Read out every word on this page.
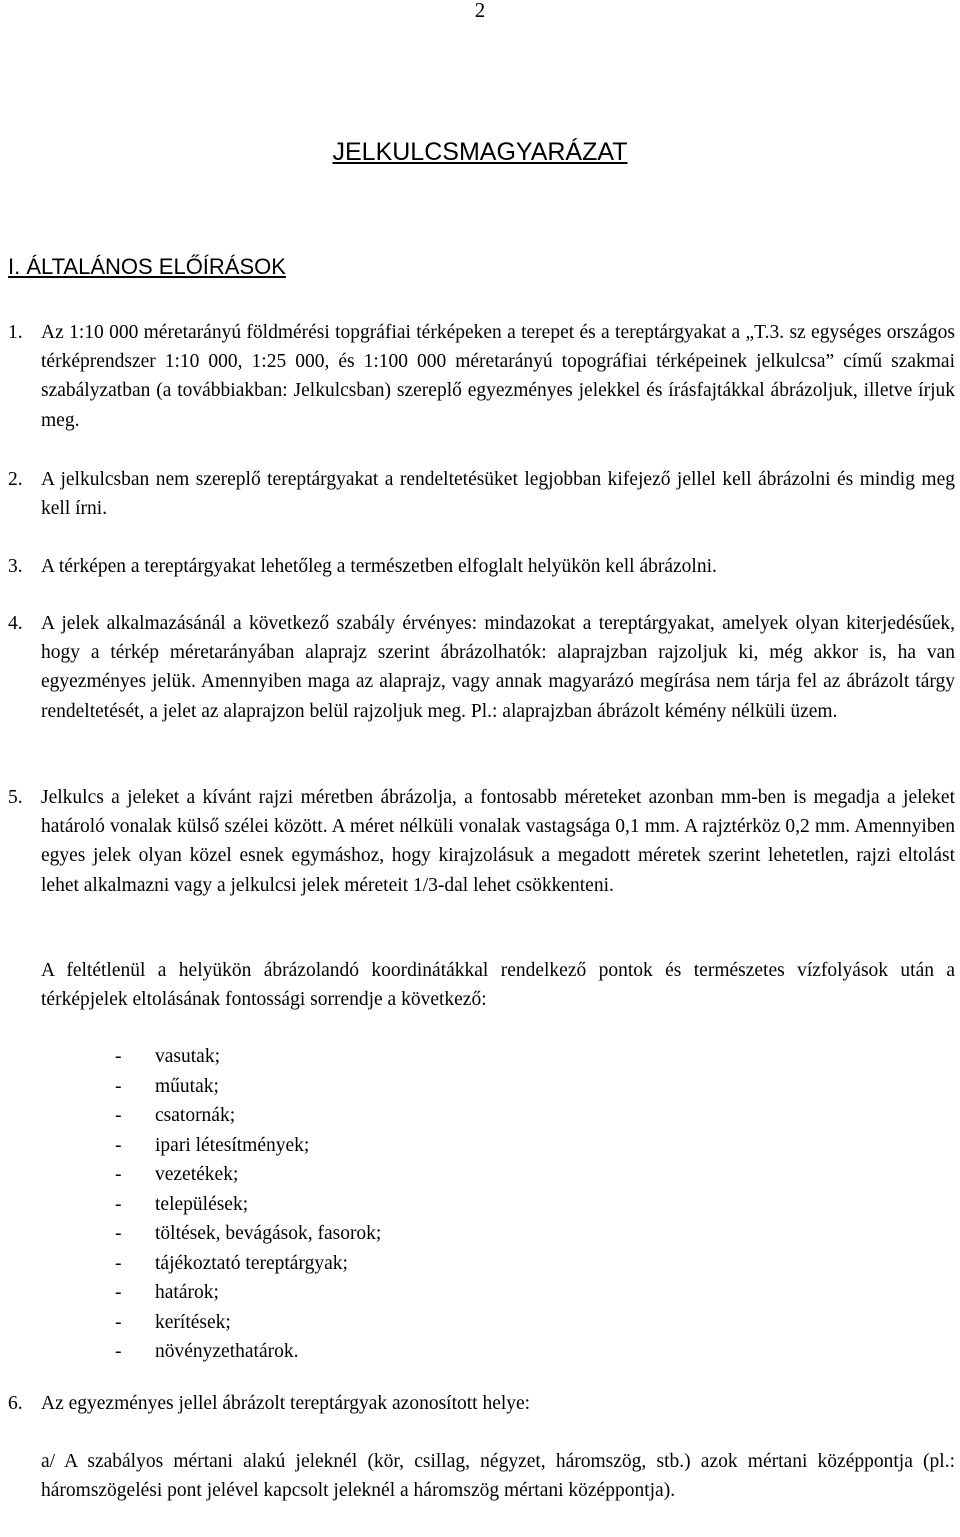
2
JELKULCSMAGYARÁZAT
I. ÁLTALÁNOS ELŐÍRÁSOK
1. Az 1:10 000 méretarányú földmérési topgráfiai térképeken a terepet és a tereptárgyakat a „T.3. sz egységes országos térképrendszer 1:10 000, 1:25 000, és 1:100 000 méretarányú topográfiai térképeinek jelkulcsa” című szakmai szabályzatban (a továbbiakban: Jelkulcsban) szereplő egyezményes jelekkel és írásfajtákkal ábrázoljuk, illetve írjuk meg.
2. A jelkulcsban nem szereplő tereptárgyakat a rendeltetésüket legjobban kifejező jellel kell ábrázolni és mindig meg kell írni.
3. A térképen a tereptárgyakat lehetőleg a természetben elfoglalt helyükön kell ábrázolni.
4. A jelek alkalmazásánál a következő szabály érvényes: mindazokat a tereptárgyakat, amelyek olyan kiterjedésűek, hogy a térkép méretarányában alaprajz szerint ábrázolhatók: alaprajzban rajzoljuk ki, még akkor is, ha van egyezményes jelük. Amennyiben maga az alaprajz, vagy annak magyarázó megírása nem tárja fel az ábrázolt tárgy rendeltetését, a jelet az alaprajzon belül rajzoljuk meg. Pl.: alaprajzban ábrázolt kémény nélküli üzem.
5. Jelkulcs a jeleket a kívánt rajzi méretben ábrázolja, a fontosabb méreteket azonban mm-ben is megadja a jeleket határoló vonalak külső szélei között. A méret nélküli vonalak vastagsága 0,1 mm. A rajztérköz 0,2 mm. Amennyiben egyes jelek olyan közel esnek egymáshoz, hogy kirajzolásuk a megadott méretek szerint lehetetlen, rajzi eltolást lehet alkalmazni vagy a jelkulcsi jelek méreteit 1/3-dal lehet csökkenteni.
A feltétlenül a helyükön ábrázolandó koordinátákkal rendelkező pontok és természetes vízfolyások után a térképjelek eltolásának fontossági sorrendje a következő:
- vasutak;
- műutak;
- csatornák;
- ipari létesítmények;
- vezetékek;
- települések;
- töltések, bevágások, fasorok;
- tájékoztató tereptárgyak;
- határok;
- kerítések;
- növényzethatárok.
6. Az egyezményes jellel ábrázolt tereptárgyak azonosított helye:
a/ A szabályos mértani alakú jeleknél (kör, csillag, négyzet, háromszög, stb.) azok mértani középpontja (pl.: háromszögelési pont jelével kapcsolt jeleknél a háromszög mértani középpontja).
